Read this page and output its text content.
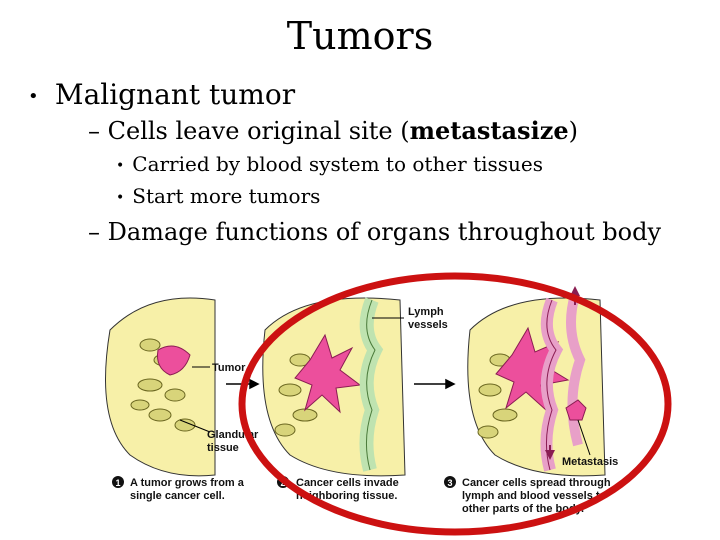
Tumors
• Malignant tumor
– Cells leave original site (metastasize)
• Carried by blood system to other tissues
• Start more tumors
– Damage functions of organs throughout body
Tumor
Glandular
tissue
Lymph
vessels
Metastasis
1 A tumor grows from a
single cancer cell.
2 Cancer cells invade
neighboring tissue.
3 Cancer cells spread through
lymph and blood vessels to
other parts of the body.
